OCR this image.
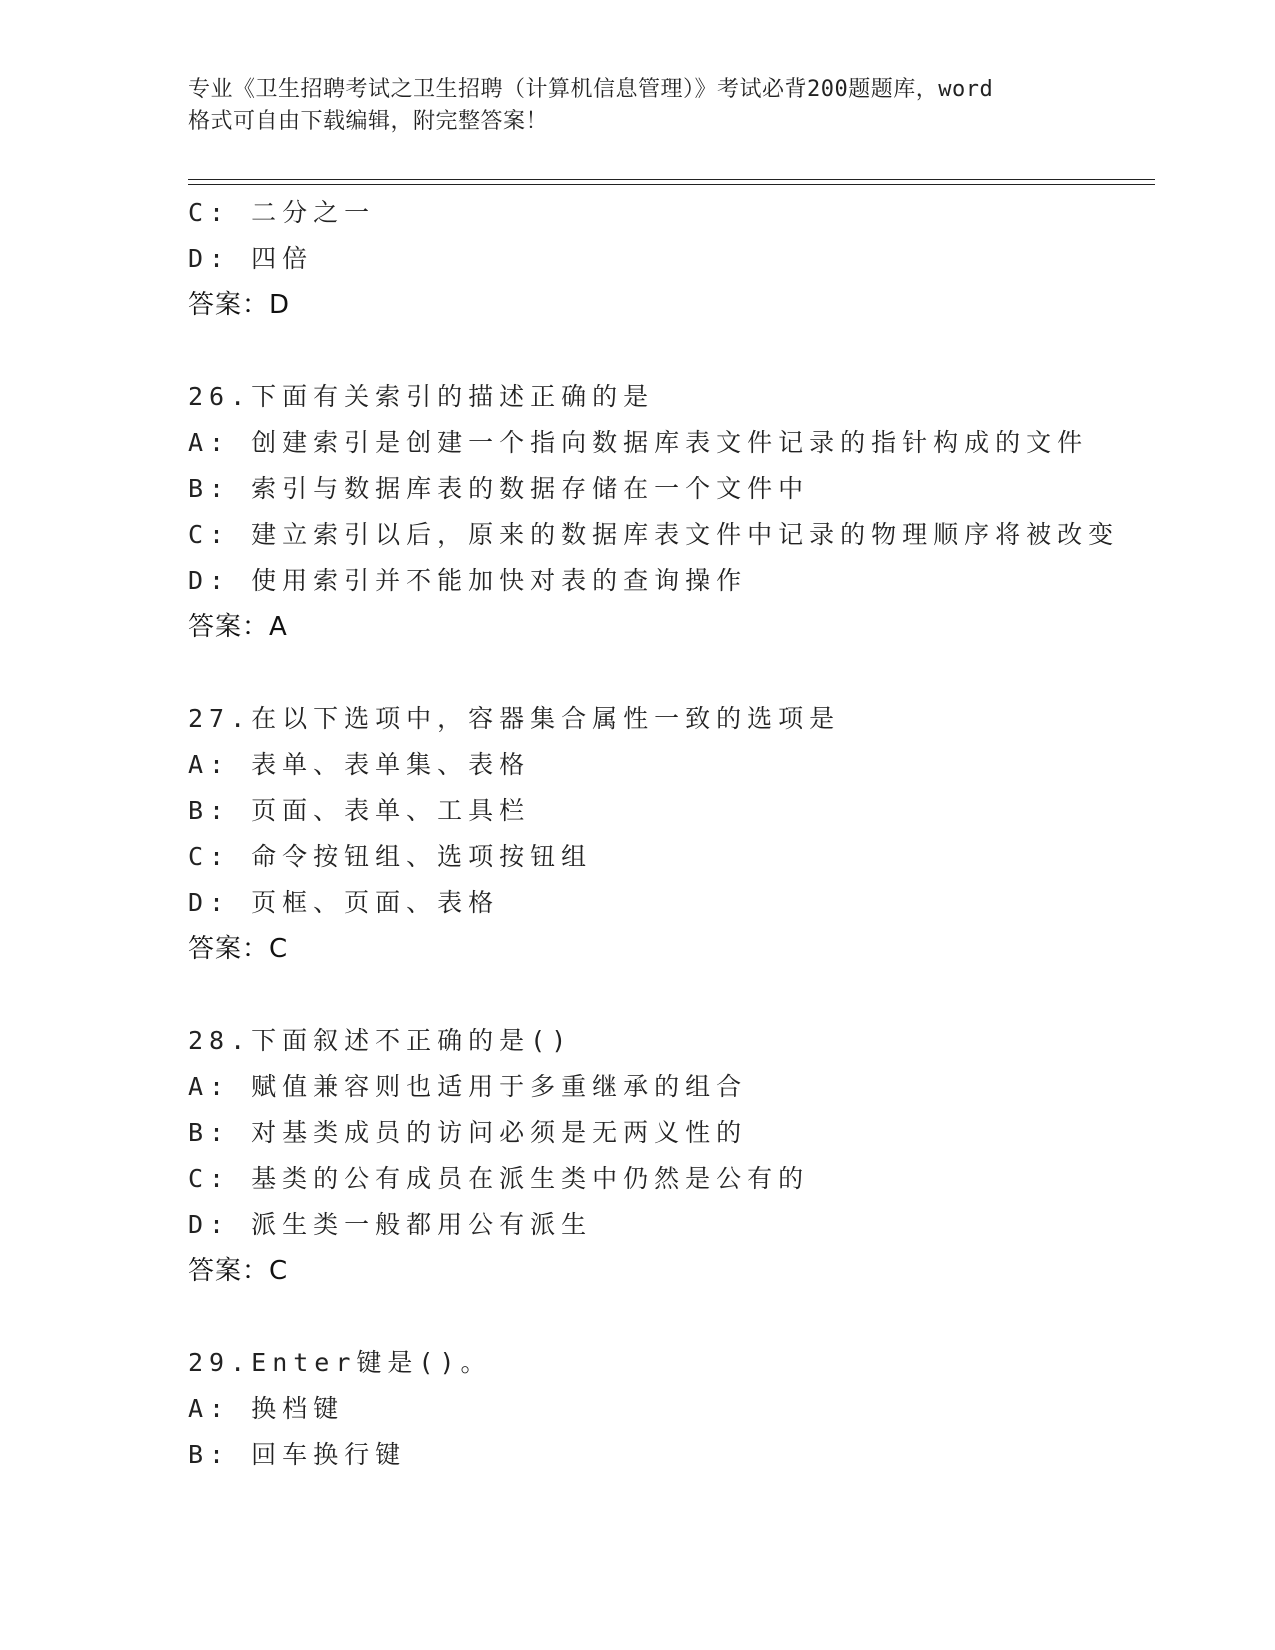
专业《卫生招聘考试之卫生招聘（计算机信息管理）》考试必背200题题库，word
格式可自由下载编辑，附完整答案！
C: 二分之一
D: 四倍
答案：D
26.下面有关索引的描述正确的是
A: 创建索引是创建一个指向数据库表文件记录的指针构成的文件
B: 索引与数据库表的数据存储在一个文件中
C: 建立索引以后，原来的数据库表文件中记录的物理顺序将被改变
D: 使用索引并不能加快对表的查询操作
答案：A
27.在以下选项中，容器集合属性一致的选项是
A: 表单、表单集、表格
B: 页面、表单、工具栏
C: 命令按钮组、选项按钮组
D: 页框、页面、表格
答案：C
28.下面叙述不正确的是()
A: 赋值兼容则也适用于多重继承的组合
B: 对基类成员的访问必须是无两义性的
C: 基类的公有成员在派生类中仍然是公有的
D: 派生类一般都用公有派生
答案：C
29.Enter键是()。
A: 换档键
B: 回车换行键
